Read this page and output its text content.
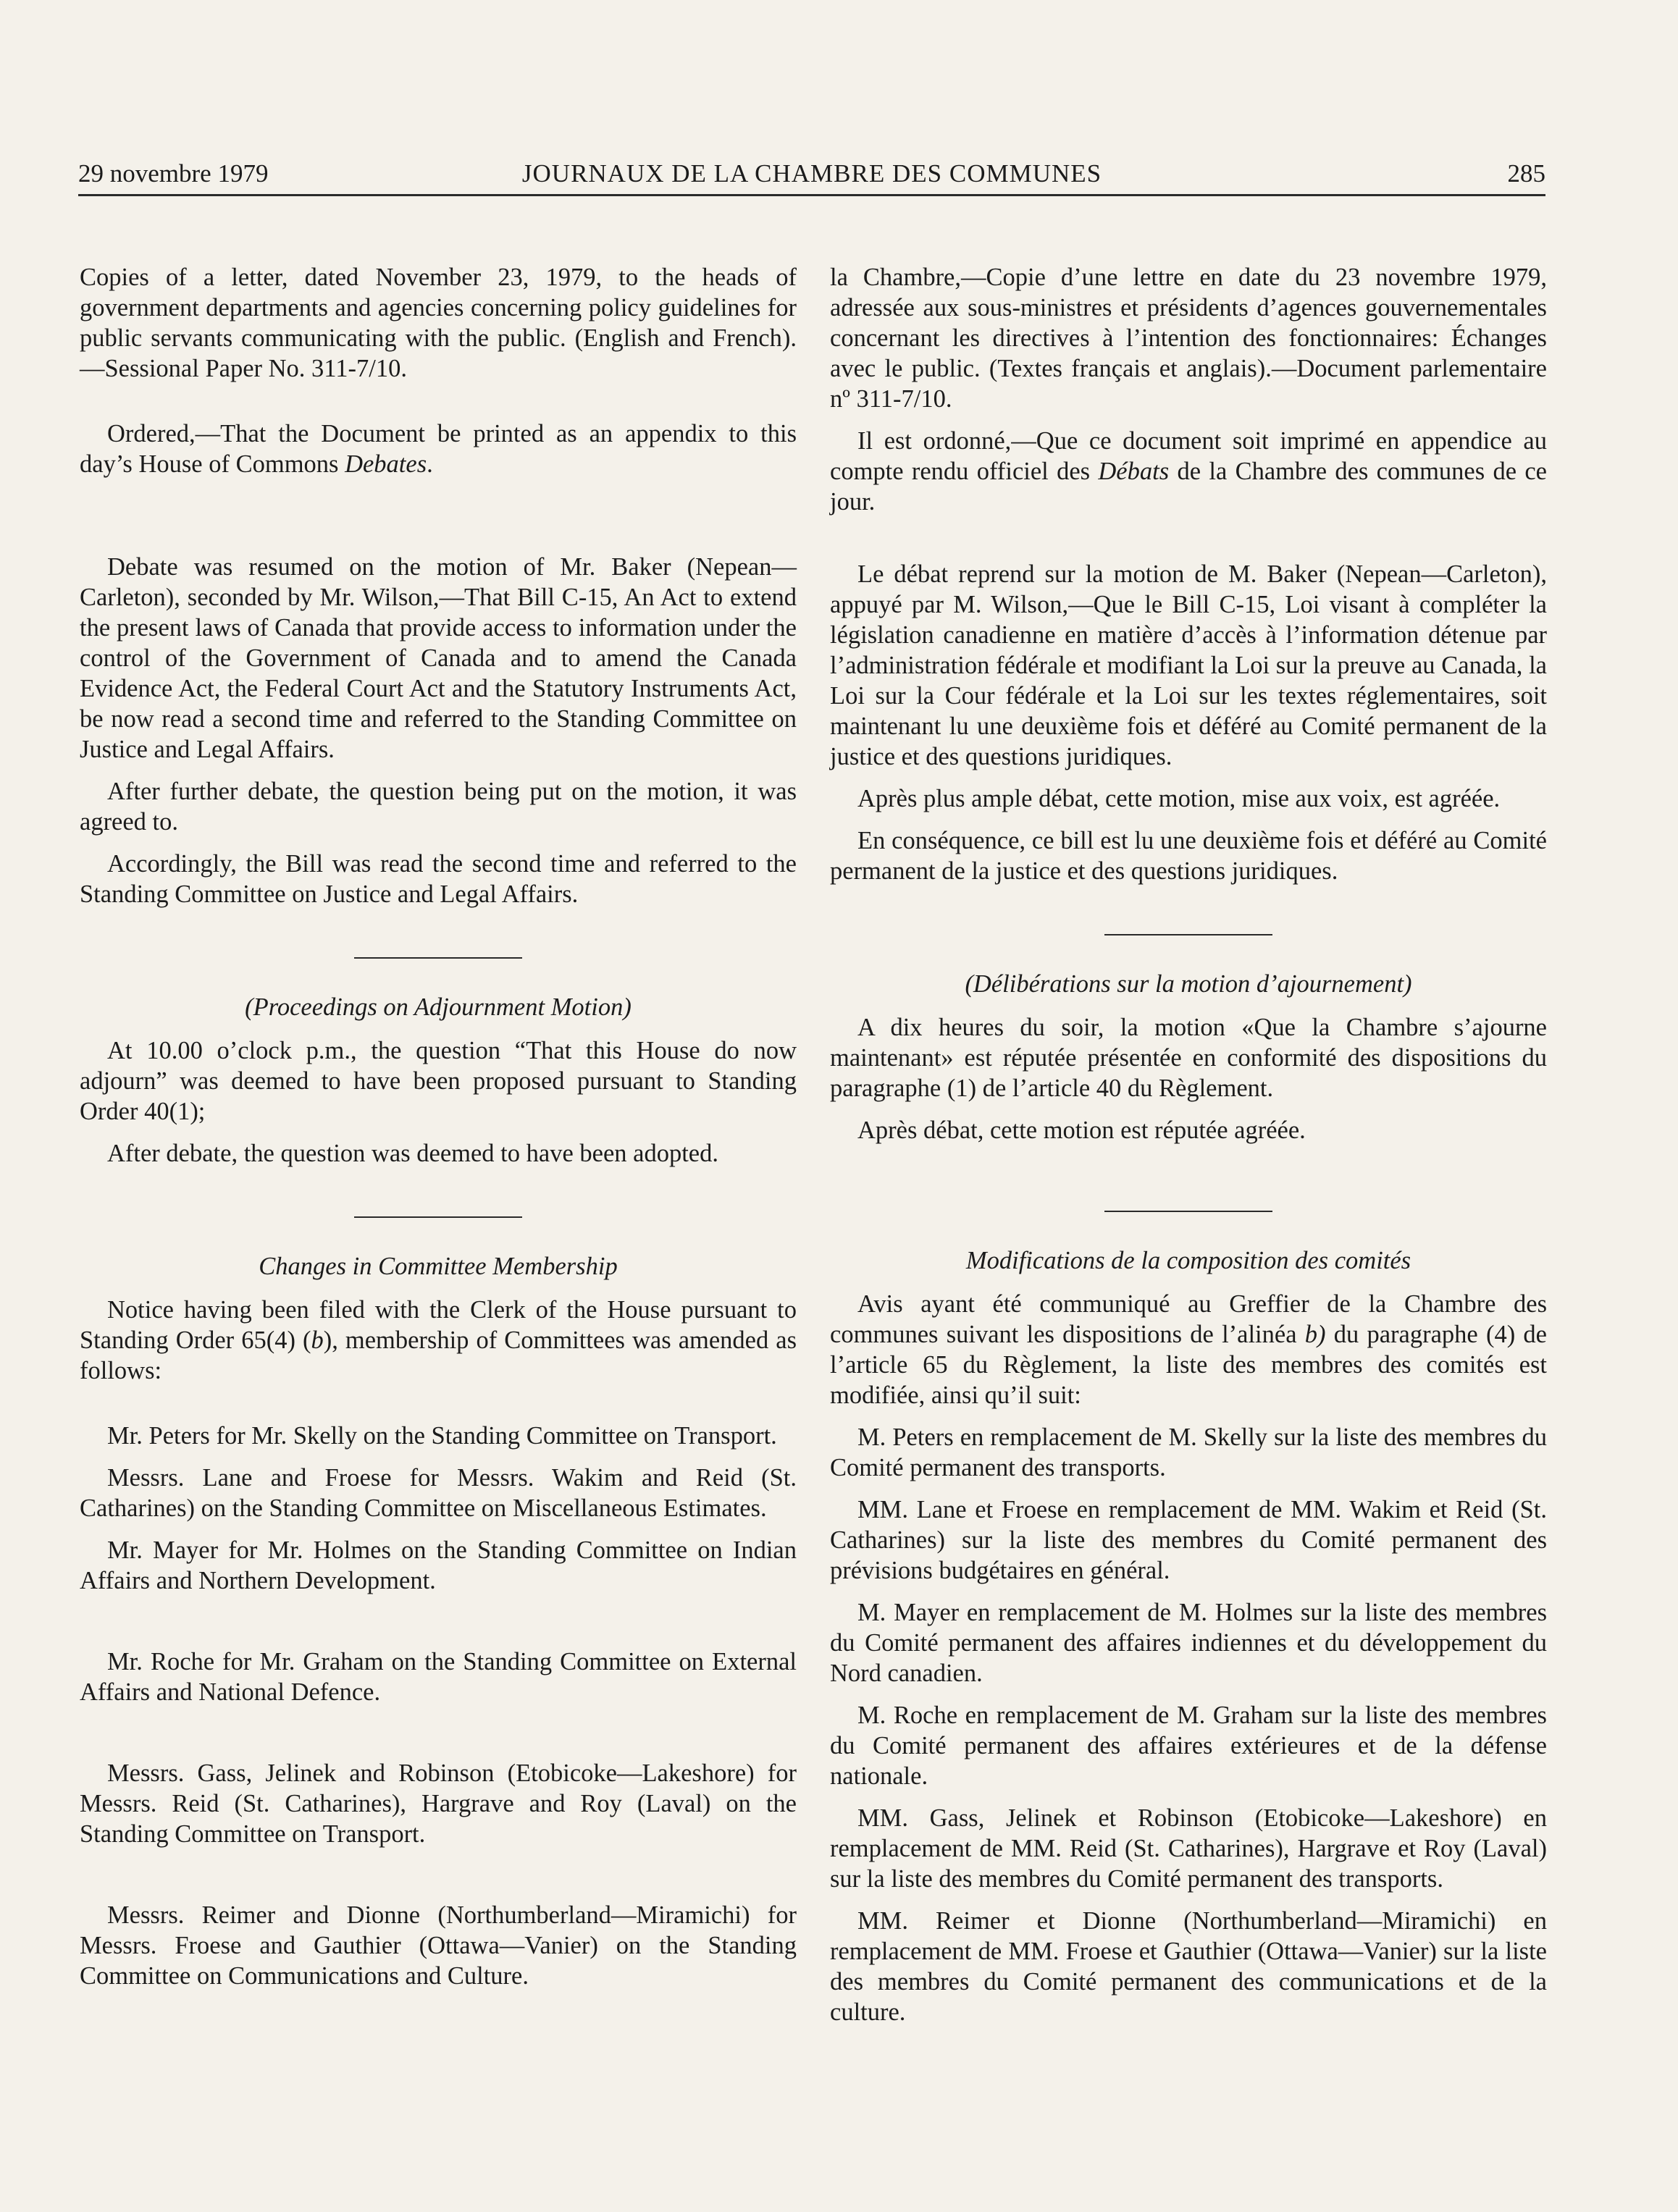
29 novembre 1979	JOURNAUX DE LA CHAMBRE DES COMMUNES	285

Copies of a letter, dated November 23, 1979, to the heads of government departments and agencies concerning policy guidelines for public servants communicating with the public. (English and French).—Sessional Paper No. 311-7/10.

Ordered,—That the Document be printed as an appendix to this day’s House of Commons Debates.

Debate was resumed on the motion of Mr. Baker (Nepean—Carleton), seconded by Mr. Wilson,—That Bill C-15, An Act to extend the present laws of Canada that provide access to information under the control of the Government of Canada and to amend the Canada Evidence Act, the Federal Court Act and the Statutory Instruments Act, be now read a second time and referred to the Standing Committee on Justice and Legal Affairs.

After further debate, the question being put on the motion, it was agreed to.

Accordingly, the Bill was read the second time and referred to the Standing Committee on Justice and Legal Affairs.

(Proceedings on Adjournment Motion)

At 10.00 o’clock p.m., the question “That this House do now adjourn” was deemed to have been proposed pursuant to Standing Order 40(1);

After debate, the question was deemed to have been adopted.

Changes in Committee Membership

Notice having been filed with the Clerk of the House pursuant to Standing Order 65(4) (b), membership of Committees was amended as follows:

Mr. Peters for Mr. Skelly on the Standing Committee on Transport.

Messrs. Lane and Froese for Messrs. Wakim and Reid (St. Catharines) on the Standing Committee on Miscellaneous Estimates.

Mr. Mayer for Mr. Holmes on the Standing Committee on Indian Affairs and Northern Development.

Mr. Roche for Mr. Graham on the Standing Committee on External Affairs and National Defence.

Messrs. Gass, Jelinek and Robinson (Etobicoke—Lakeshore) for Messrs. Reid (St. Catharines), Hargrave and Roy (Laval) on the Standing Committee on Transport.

Messrs. Reimer and Dionne (Northumberland—Miramichi) for Messrs. Froese and Gauthier (Ottawa—Vanier) on the Standing Committee on Communications and Culture.

la Chambre,—Copie d’une lettre en date du 23 novembre 1979, adressée aux sous-ministres et présidents d’agences gouvernementales concernant les directives à l’intention des fonctionnaires: Échanges avec le public. (Textes français et anglais).—Document parlementaire nº 311-7/10.

Il est ordonné,—Que ce document soit imprimé en appendice au compte rendu officiel des Débats de la Chambre des communes de ce jour.

Le débat reprend sur la motion de M. Baker (Nepean—Carleton), appuyé par M. Wilson,—Que le Bill C-15, Loi visant à compléter la législation canadienne en matière d’accès à l’information détenue par l’administration fédérale et modifiant la Loi sur la preuve au Canada, la Loi sur la Cour fédérale et la Loi sur les textes réglementaires, soit maintenant lu une deuxième fois et déféré au Comité permanent de la justice et des questions juridiques.

Après plus ample débat, cette motion, mise aux voix, est agréée.

En conséquence, ce bill est lu une deuxième fois et déféré au Comité permanent de la justice et des questions juridiques.

(Délibérations sur la motion d’ajournement)

A dix heures du soir, la motion «Que la Chambre s’ajourne maintenant» est réputée présentée en conformité des dispositions du paragraphe (1) de l’article 40 du Règlement.

Après débat, cette motion est réputée agréée.

Modifications de la composition des comités

Avis ayant été communiqué au Greffier de la Chambre des communes suivant les dispositions de l’alinéa b) du paragraphe (4) de l’article 65 du Règlement, la liste des membres des comités est modifiée, ainsi qu’il suit:

M. Peters en remplacement de M. Skelly sur la liste des membres du Comité permanent des transports.

MM. Lane et Froese en remplacement de MM. Wakim et Reid (St. Catharines) sur la liste des membres du Comité permanent des prévisions budgétaires en général.

M. Mayer en remplacement de M. Holmes sur la liste des membres du Comité permanent des affaires indiennes et du développement du Nord canadien.

M. Roche en remplacement de M. Graham sur la liste des membres du Comité permanent des affaires extérieures et de la défense nationale.

MM. Gass, Jelinek et Robinson (Etobicoke—Lakeshore) en remplacement de MM. Reid (St. Catharines), Hargrave et Roy (Laval) sur la liste des membres du Comité permanent des transports.

MM. Reimer et Dionne (Northumberland—Miramichi) en remplacement de MM. Froese et Gauthier (Ottawa—Vanier) sur la liste des membres du Comité permanent des communications et de la culture.
